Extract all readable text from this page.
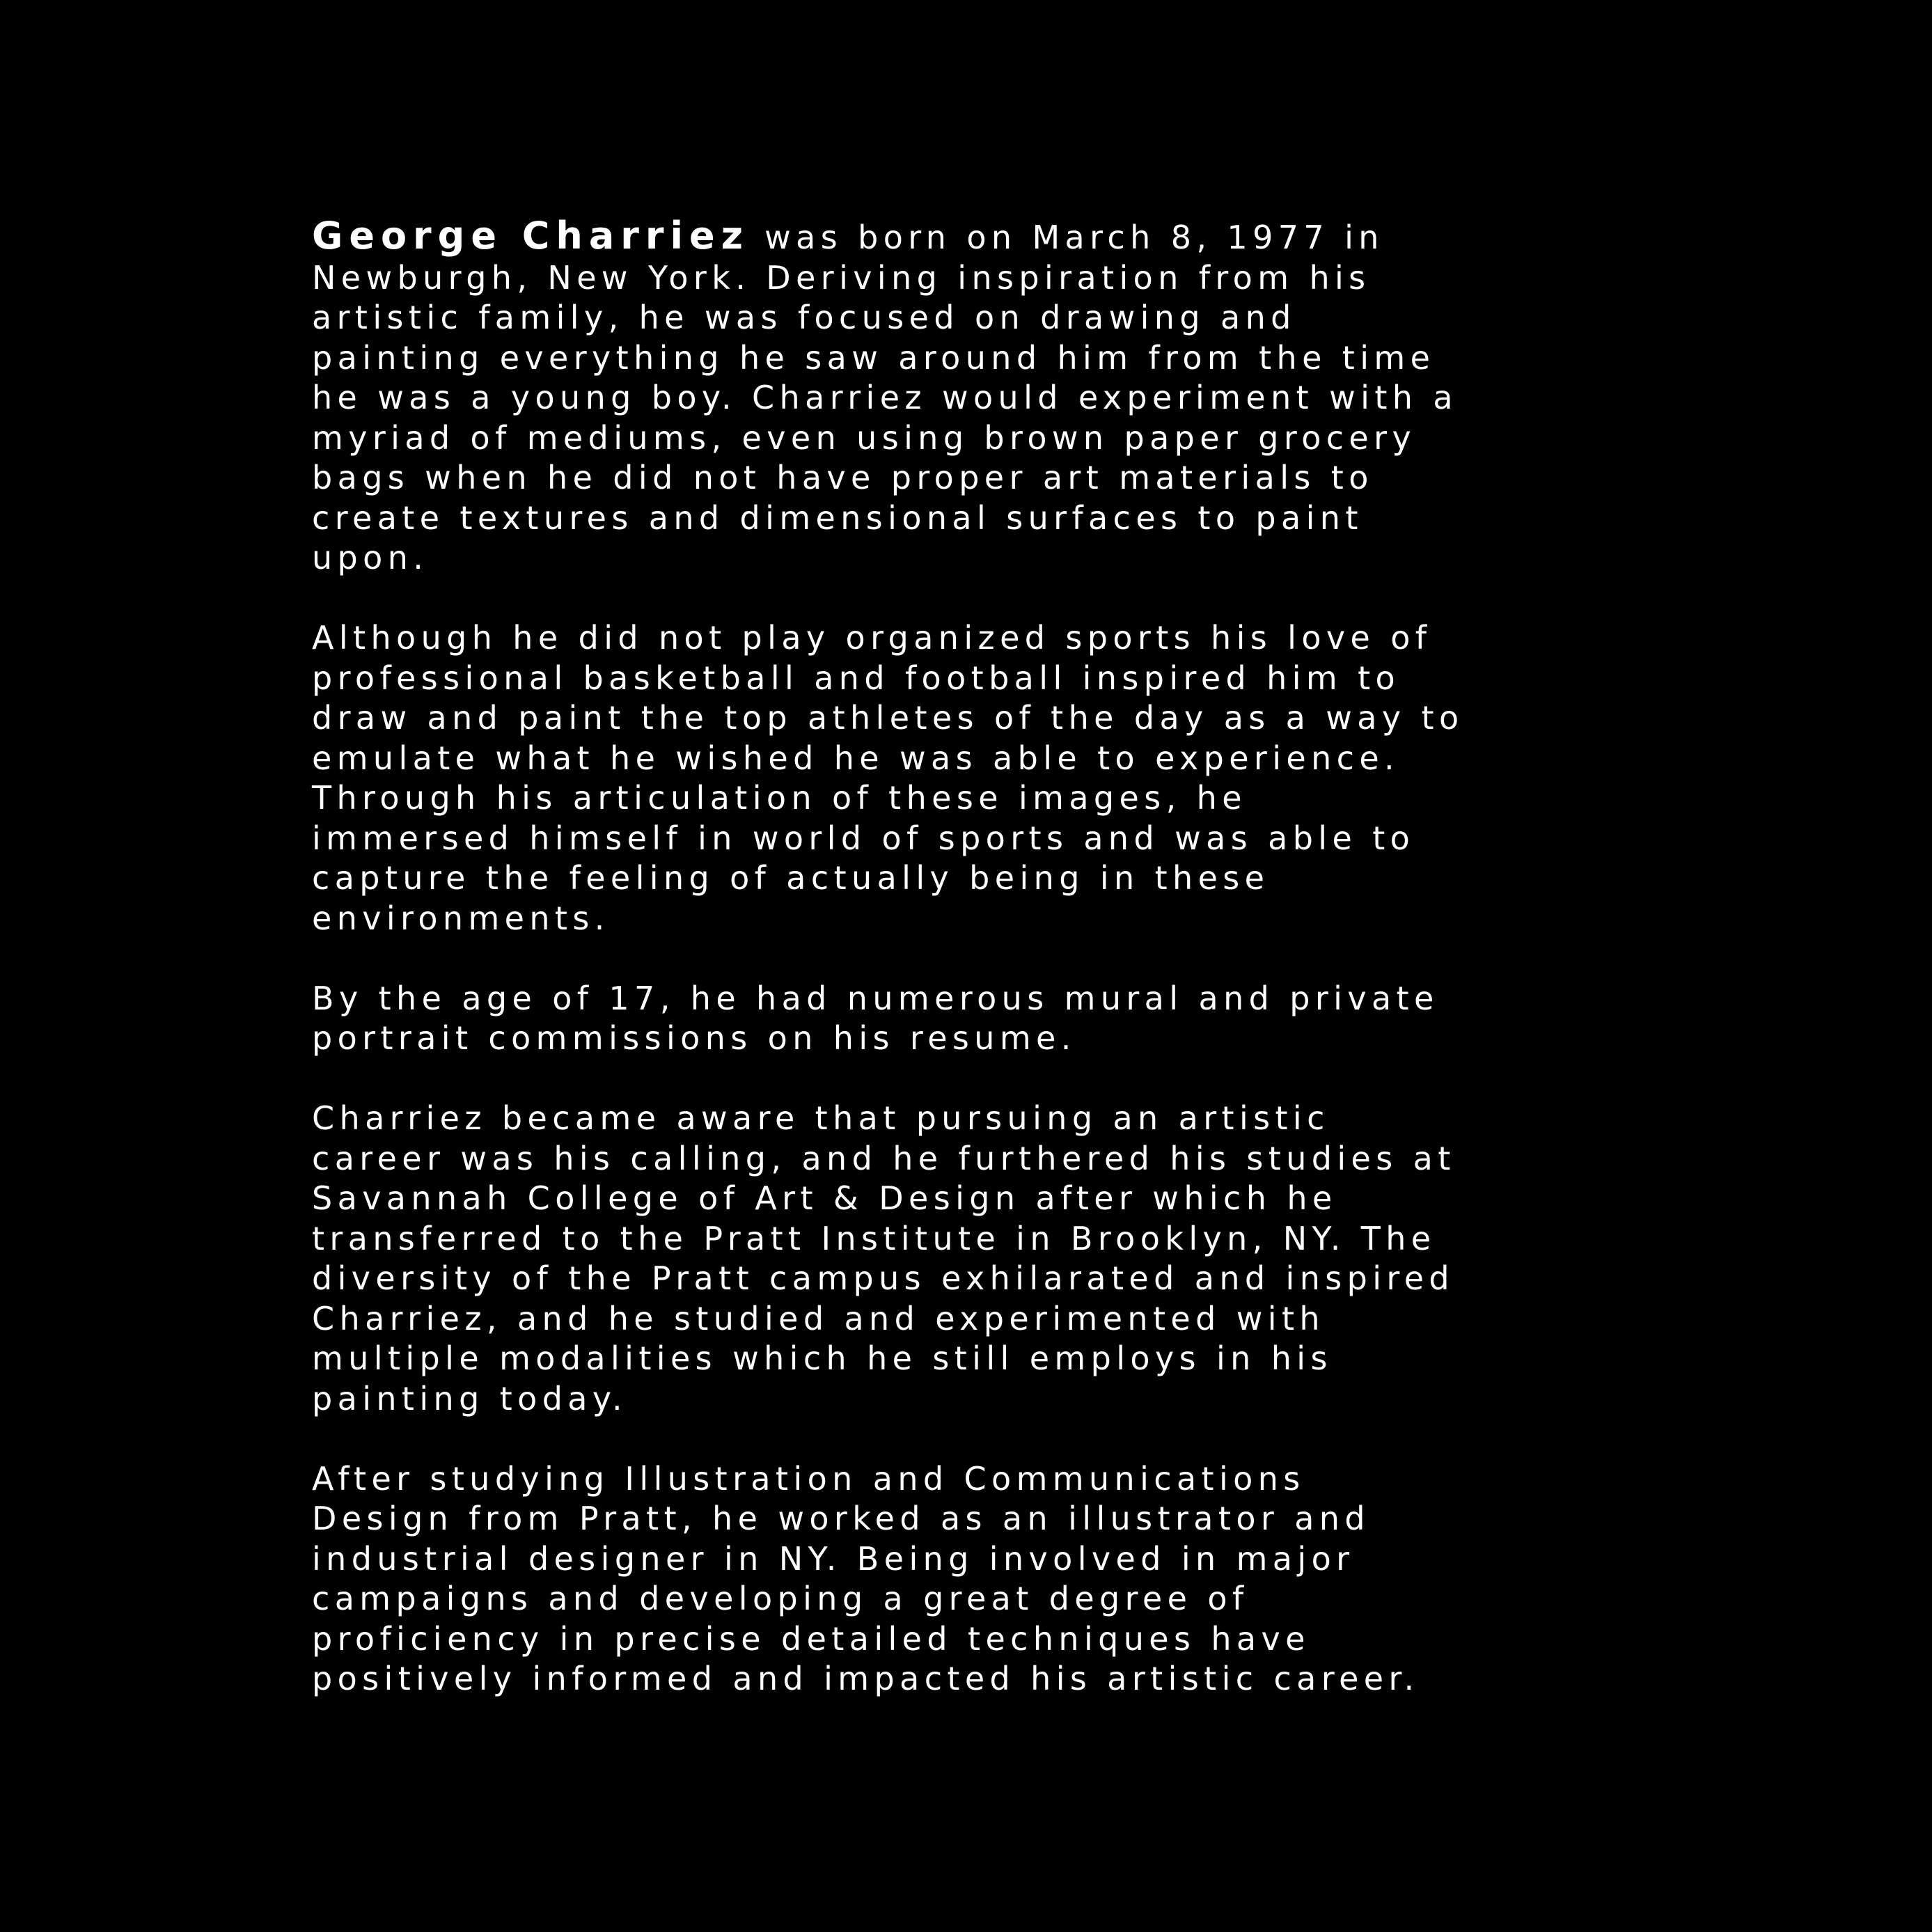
George Charriez was born on March 8, 1977 in
Newburgh, New York. Deriving inspiration from his
artistic family, he was focused on drawing and
painting everything he saw around him from the time
he was a young boy. Charriez would experiment with a
myriad of mediums, even using brown paper grocery
bags when he did not have proper art materials to
create textures and dimensional surfaces to paint
upon.

Although he did not play organized sports his love of
professional basketball and football inspired him to
draw and paint the top athletes of the day as a way to
emulate what he wished he was able to experience.
Through his articulation of these images, he
immersed himself in world of sports and was able to
capture the feeling of actually being in these
environments.

By the age of 17, he had numerous mural and private
portrait commissions on his resume.

Charriez became aware that pursuing an artistic
career was his calling, and he furthered his studies at
Savannah College of Art & Design after which he
transferred to the Pratt Institute in Brooklyn, NY. The
diversity of the Pratt campus exhilarated and inspired
Charriez, and he studied and experimented with
multiple modalities which he still employs in his
painting today.

After studying Illustration and Communications
Design from Pratt, he worked as an illustrator and
industrial designer in NY. Being involved in major
campaigns and developing a great degree of
proficiency in precise detailed techniques have
positively informed and impacted his artistic career.
